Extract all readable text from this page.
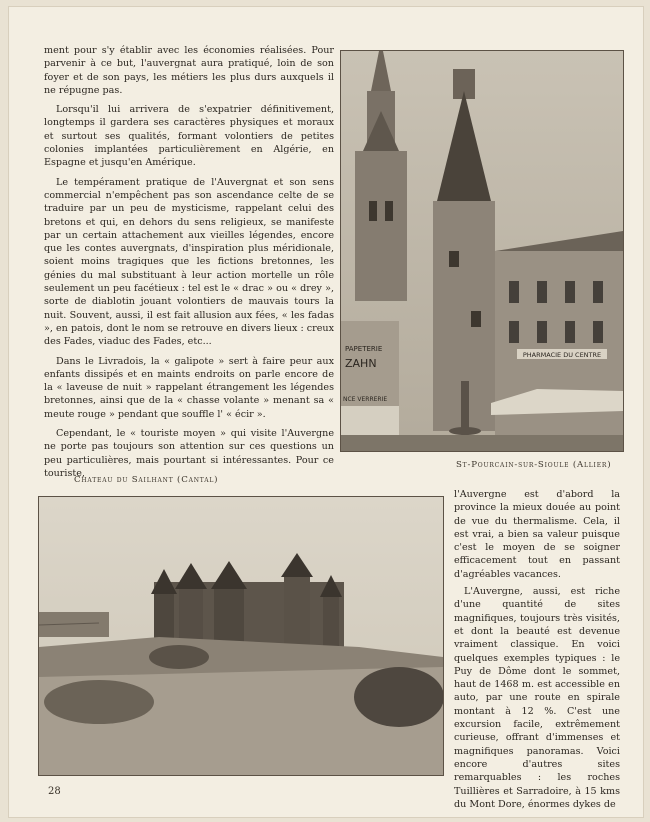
ment pour s'y établir avec les économies réalisées. Pour parvenir à ce but, l'auvergnat aura pratiqué, loin de son foyer et de son pays, les métiers les plus durs auxquels il ne répugne pas.

Lorsqu'il lui arrivera de s'expatrier définitivement, longtemps il gardera ses caractères physiques et moraux et surtout ses qualités, formant volontiers de petites colonies implantées particulièrement en Algérie, en Espagne et jusqu'en Amérique.

Le tempérament pratique de l'Auvergnat et son sens commercial n'empêchent pas son ascendance celte de se traduire par un peu de mysticisme, rappelant celui des bretons et qui, en dehors du sens religieux, se manifeste par un certain attachement aux vieilles légendes, encore que les contes auvergnats, d'inspiration plus méridionale, soient moins tragiques que les fictions bretonnes, les génies du mal substituant à leur action mortelle un rôle seulement un peu facétieux : tel est le « drac » ou « drey », sorte de diablotin jouant volontiers de mauvais tours la nuit. Souvent, aussi, il est fait allusion aux fées, « les fadas », en patois, dont le nom se retrouve en divers lieux : creux des Fades, viaduc des Fades, etc...

Dans le Livradois, la « galipote » sert à faire peur aux enfants dissipés et en maints endroits on parle encore de la « laveuse de nuit » rappelant étrangement les légendes bretonnes, ainsi que de la « chasse volante » menant sa « meute rouge » pendant que souffle l' « écir ».

Cependant, le « touriste moyen » qui visite l'Auvergne ne porte pas toujours son attention sur ces questions un peu particulières, mais pourtant si intéressantes. Pour ce touriste,

PHARMACIE DU CENTRE
PAPETERIE
ZAHN
NCE VERRERIE
St-Pourcain-sur-Sioule (Allier)
Chateau du Sailhant (Cantal)

l'Auvergne est d'abord la province la mieux douée au point de vue du thermalisme. Cela, il est vrai, a bien sa valeur puisque c'est le moyen de se soigner efficacement tout en passant d'agréables vacances.

L'Auvergne, aussi, est riche d'une quantité de sites magnifiques, toujours très visités, et dont la beauté est devenue vraiment classique. En voici quelques exemples typiques : le Puy de Dôme dont le sommet, haut de 1468 m. est accessible en auto, par une route en spirale montant à 12 %. C'est une excursion facile, extrêmement curieuse, offrant d'immenses et magnifiques panoramas. Voici encore d'autres sites remarquables : les roches Tuillières et Sarradoire, à 15 kms du Mont Dore, énormes dykes de

28
